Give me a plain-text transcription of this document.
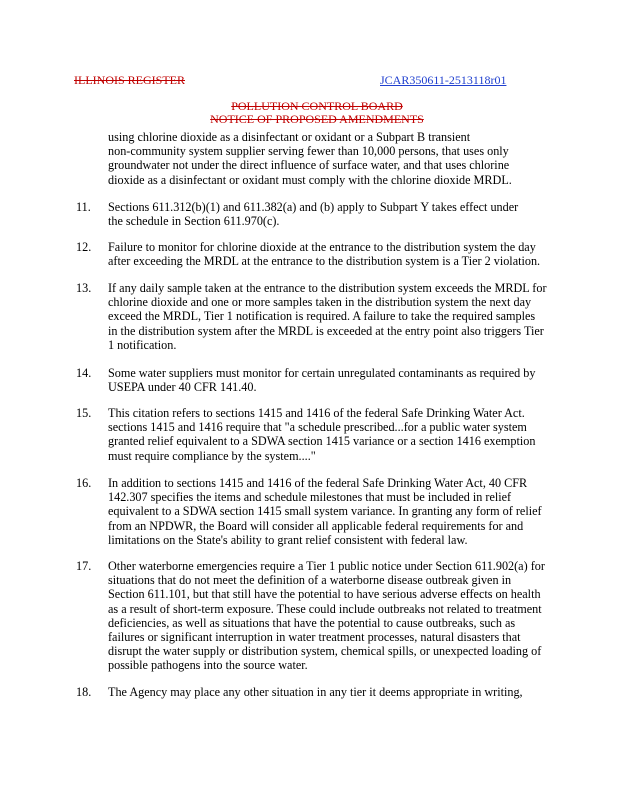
ILLINOIS REGISTER	JCAR350611-2513118r01
POLLUTION CONTROL BOARD
NOTICE OF PROPOSED AMENDMENTS
using chlorine dioxide as a disinfectant or oxidant or a Subpart B transient
non-community system supplier serving fewer than 10,000 persons, that uses only
groundwater not under the direct influence of surface water, and that uses chlorine
dioxide as a disinfectant or oxidant must comply with the chlorine dioxide MRDL.
11. Sections 611.312(b)(1) and 611.382(a) and (b) apply to Subpart Y takes effect under
the schedule in Section 611.970(c).
12. Failure to monitor for chlorine dioxide at the entrance to the distribution system the day
after exceeding the MRDL at the entrance to the distribution system is a Tier 2 violation.
13. If any daily sample taken at the entrance to the distribution system exceeds the MRDL for
chlorine dioxide and one or more samples taken in the distribution system the next day
exceed the MRDL, Tier 1 notification is required. A failure to take the required samples
in the distribution system after the MRDL is exceeded at the entry point also triggers Tier
1 notification.
14. Some water suppliers must monitor for certain unregulated contaminants as required by
USEPA under 40 CFR 141.40.
15. This citation refers to sections 1415 and 1416 of the federal Safe Drinking Water Act.
sections 1415 and 1416 require that "a schedule prescribed...for a public water system
granted relief equivalent to a SDWA section 1415 variance or a section 1416 exemption
must require compliance by the system...."
16. In addition to sections 1415 and 1416 of the federal Safe Drinking Water Act, 40 CFR
142.307 specifies the items and schedule milestones that must be included in relief
equivalent to a SDWA section 1415 small system variance. In granting any form of relief
from an NPDWR, the Board will consider all applicable federal requirements for and
limitations on the State's ability to grant relief consistent with federal law.
17. Other waterborne emergencies require a Tier 1 public notice under Section 611.902(a) for
situations that do not meet the definition of a waterborne disease outbreak given in
Section 611.101, but that still have the potential to have serious adverse effects on health
as a result of short-term exposure. These could include outbreaks not related to treatment
deficiencies, as well as situations that have the potential to cause outbreaks, such as
failures or significant interruption in water treatment processes, natural disasters that
disrupt the water supply or distribution system, chemical spills, or unexpected loading of
possible pathogens into the source water.
18. The Agency may place any other situation in any tier it deems appropriate in writing,
